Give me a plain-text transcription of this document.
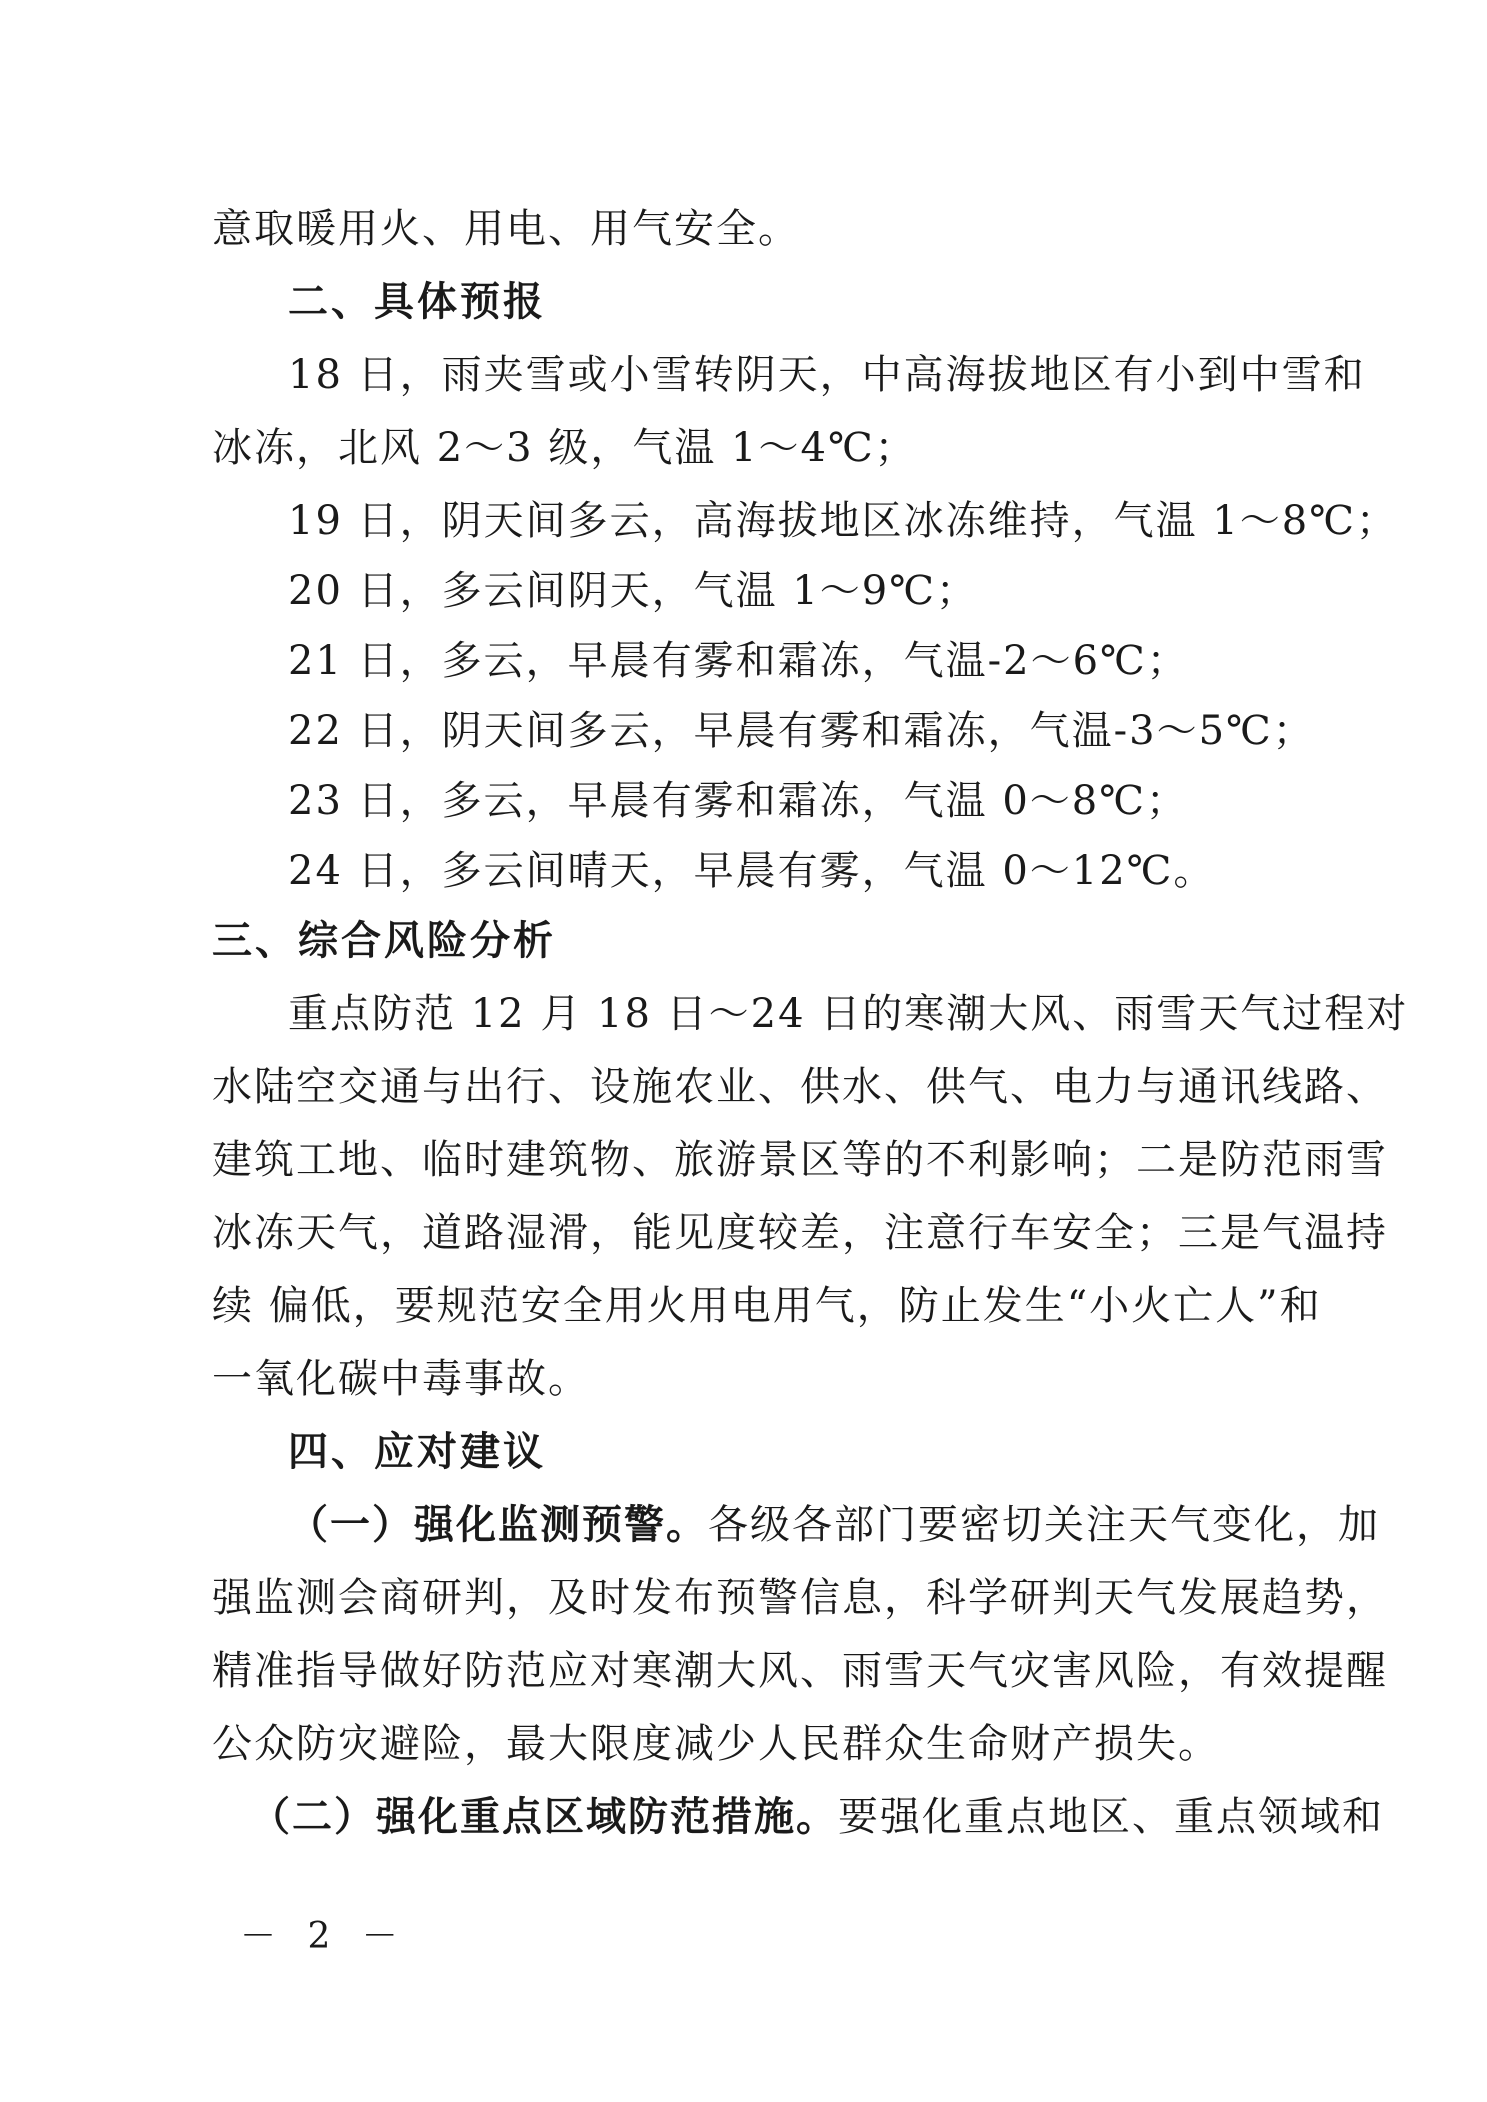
意取暖用火、用电、用气安全。
二、具体预报
18 日，雨夹雪或小雪转阴天，中高海拔地区有小到中雪和
冰冻，北风 2～3 级，气温 1～4℃；
19 日，阴天间多云，高海拔地区冰冻维持，气温 1～8℃；
20 日，多云间阴天，气温 1～9℃；
21 日，多云，早晨有雾和霜冻，气温-2～6℃；
22 日，阴天间多云，早晨有雾和霜冻，气温-3～5℃；
23 日，多云，早晨有雾和霜冻，气温 0～8℃；
24 日，多云间晴天，早晨有雾，气温 0～12℃。
三、综合风险分析
重点防范 12 月 18 日～24 日的寒潮大风、雨雪天气过程对
水陆空交通与出行、设施农业、供水、供气、电力与通讯线路、
建筑工地、临时建筑物、旅游景区等的不利影响；二是防范雨雪
冰冻天气，道路湿滑，能见度较差，注意行车安全；三是气温持
续 偏低，要规范安全用火用电用气，防止发生“小火亡人”和
一氧化碳中毒事故。
四、应对建议
（一）强化监测预警。各级各部门要密切关注天气变化，加
强监测会商研判，及时发布预警信息，科学研判天气发展趋势，
精准指导做好防范应对寒潮大风、雨雪天气灾害风险，有效提醒
公众防灾避险，最大限度减少人民群众生命财产损失。
（二）强化重点区域防范措施。要强化重点地区、重点领域和
－ 2 －
